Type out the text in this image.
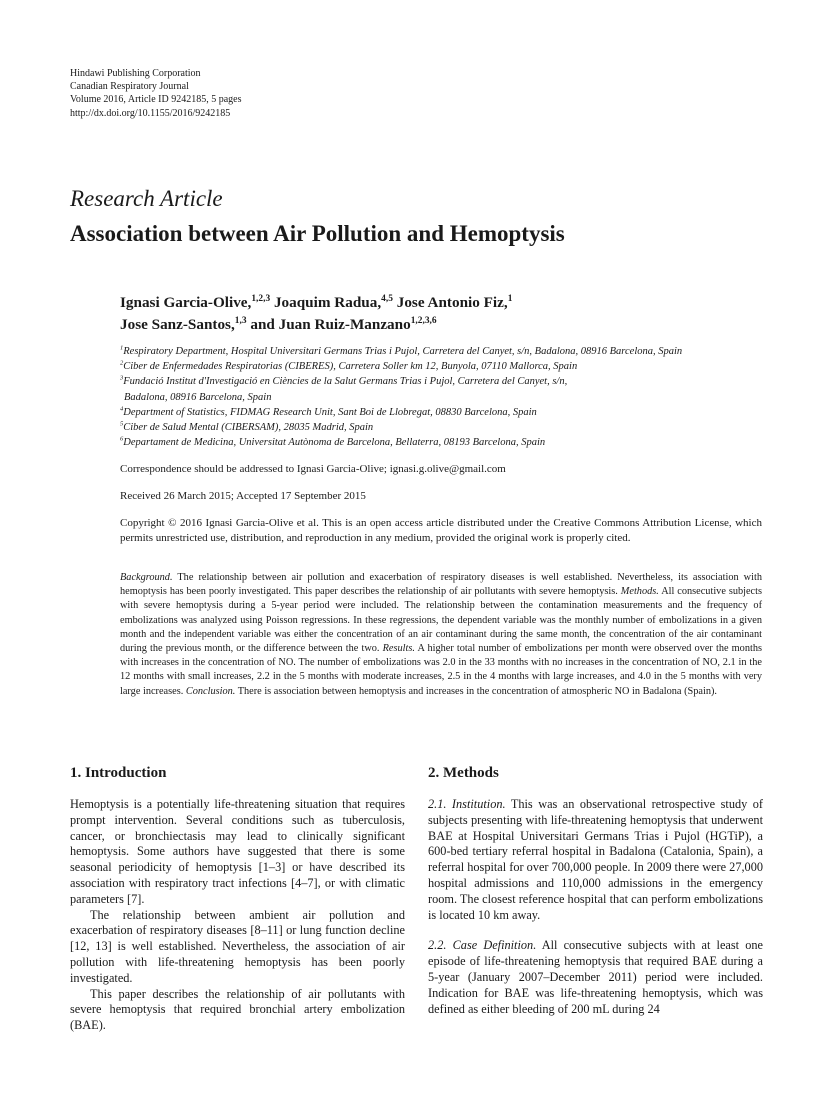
Hindawi Publishing Corporation
Canadian Respiratory Journal
Volume 2016, Article ID 9242185, 5 pages
http://dx.doi.org/10.1155/2016/9242185
Research Article
Association between Air Pollution and Hemoptysis
Ignasi Garcia-Olive,$^{1,2,3}$ Joaquim Radua,$^{4,5}$ Jose Antonio Fiz,$^1$
Jose Sanz-Santos,$^{1,3}$ and Juan Ruiz-Manzano$^{1,2,3,6}$
$^1$Respiratory Department, Hospital Universitari Germans Trias i Pujol, Carretera del Canyet, s/n, Badalona, 08916 Barcelona, Spain
$^2$Ciber de Enfermedades Respiratorias (CIBERES), Carretera Soller km 12, Bunyola, 07110 Mallorca, Spain
$^3$Fundació Institut d'Investigació en Ciències de la Salut Germans Trias i Pujol, Carretera del Canyet, s/n,
Badalona, 08916 Barcelona, Spain
$^4$Department of Statistics, FIDMAG Research Unit, Sant Boi de Llobregat, 08830 Barcelona, Spain
$^5$Ciber de Salud Mental (CIBERSAM), 28035 Madrid, Spain
$^6$Departament de Medicina, Universitat Autònoma de Barcelona, Bellaterra, 08193 Barcelona, Spain
Correspondence should be addressed to Ignasi Garcia-Olive; ignasi.g.olive@gmail.com
Received 26 March 2015; Accepted 17 September 2015
Copyright © 2016 Ignasi Garcia-Olive et al. This is an open access article distributed under the Creative Commons Attribution License, which permits unrestricted use, distribution, and reproduction in any medium, provided the original work is properly cited.
Background. The relationship between air pollution and exacerbation of respiratory diseases is well established. Nevertheless, its association with hemoptysis has been poorly investigated. This paper describes the relationship of air pollutants with severe hemoptysis. Methods. All consecutive subjects with severe hemoptysis during a 5-year period were included. The relationship between the contamination measurements and the frequency of embolizations was analyzed using Poisson regressions. In these regressions, the dependent variable was the monthly number of embolizations in a given month and the independent variable was either the concentration of an air contaminant during the same month, the concentration of the air contaminant during the previous month, or the difference between the two. Results. A higher total number of embolizations per month were observed over the months with increases in the concentration of NO. The number of embolizations was 2.0 in the 33 months with no increases in the concentration of NO, 2.1 in the 12 months with small increases, 2.2 in the 5 months with moderate increases, 2.5 in the 4 months with large increases, and 4.0 in the 5 months with very large increases. Conclusion. There is association between hemoptysis and increases in the concentration of atmospheric NO in Badalona (Spain).
1. Introduction

Hemoptysis is a potentially life-threatening situation that requires prompt intervention. Several conditions such as tuberculosis, cancer, or bronchiectasis may lead to clinically significant hemoptysis. Some authors have suggested that there is some seasonal periodicity of hemoptysis [1–3] or have described its association with respiratory tract infections [4–7], or with climatic parameters [7].

The relationship between ambient air pollution and exacerbation of respiratory diseases [8–11] or lung function decline [12, 13] is well established. Nevertheless, the association of air pollution with life-threatening hemoptysis has been poorly investigated.

This paper describes the relationship of air pollutants with severe hemoptysis that required bronchial artery embolization (BAE).

2. Methods

2.1. Institution. This was an observational retrospective study of subjects presenting with life-threatening hemoptysis that underwent BAE at Hospital Universitari Germans Trias i Pujol (HGTiP), a 600-bed tertiary referral hospital in Badalona (Catalonia, Spain), a referral hospital for over 700,000 people. In 2009 there were 27,000 hospital admissions and 110,000 admissions in the emergency room. The closest reference hospital that can perform embolizations is located 10 km away.

2.2. Case Definition. All consecutive subjects with at least one episode of life-threatening hemoptysis that required BAE during a 5-year (January 2007–December 2011) period were included. Indication for BAE was life-threatening hemoptysis, which was defined as either bleeding of 200 mL during 24
